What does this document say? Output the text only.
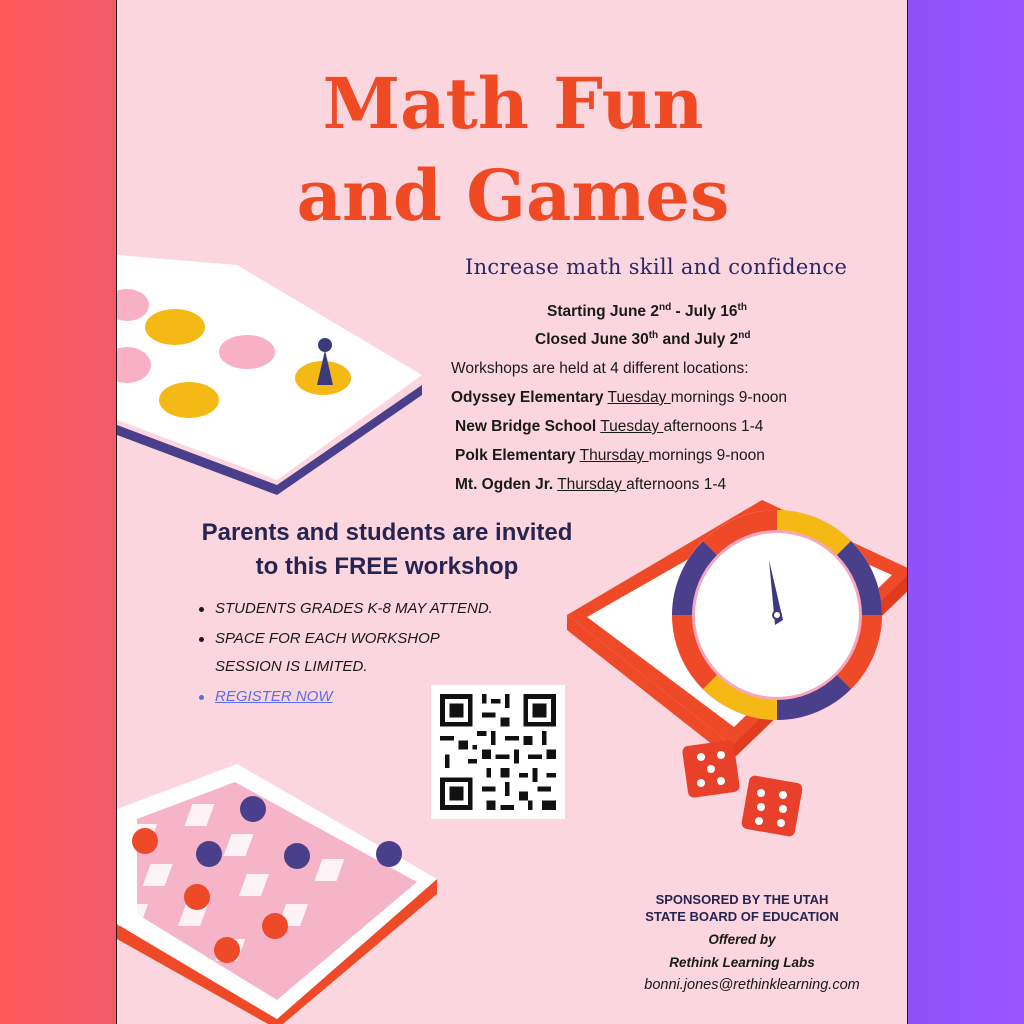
Math Fun
and Games
Increase math skill and confidence
Starting June 2nd - July 16th
Closed June 30th and July 2nd
Workshops are held at 4 different locations:
Odyssey Elementary Tuesday mornings 9-noon
New Bridge School Tuesday afternoons 1-4
Polk Elementary Thursday mornings 9-noon
Mt. Ogden Jr. Thursday afternoons 1-4
Parents and students are invited
to this FREE workshop
STUDENTS GRADES K-8 MAY ATTEND.
SPACE FOR EACH WORKSHOP
SESSION IS LIMITED.
REGISTER NOW
SPONSORED BY THE UTAH
STATE BOARD OF EDUCATION
Offered by
Rethink Learning Labs
bonni.jones@rethinklearning.com
